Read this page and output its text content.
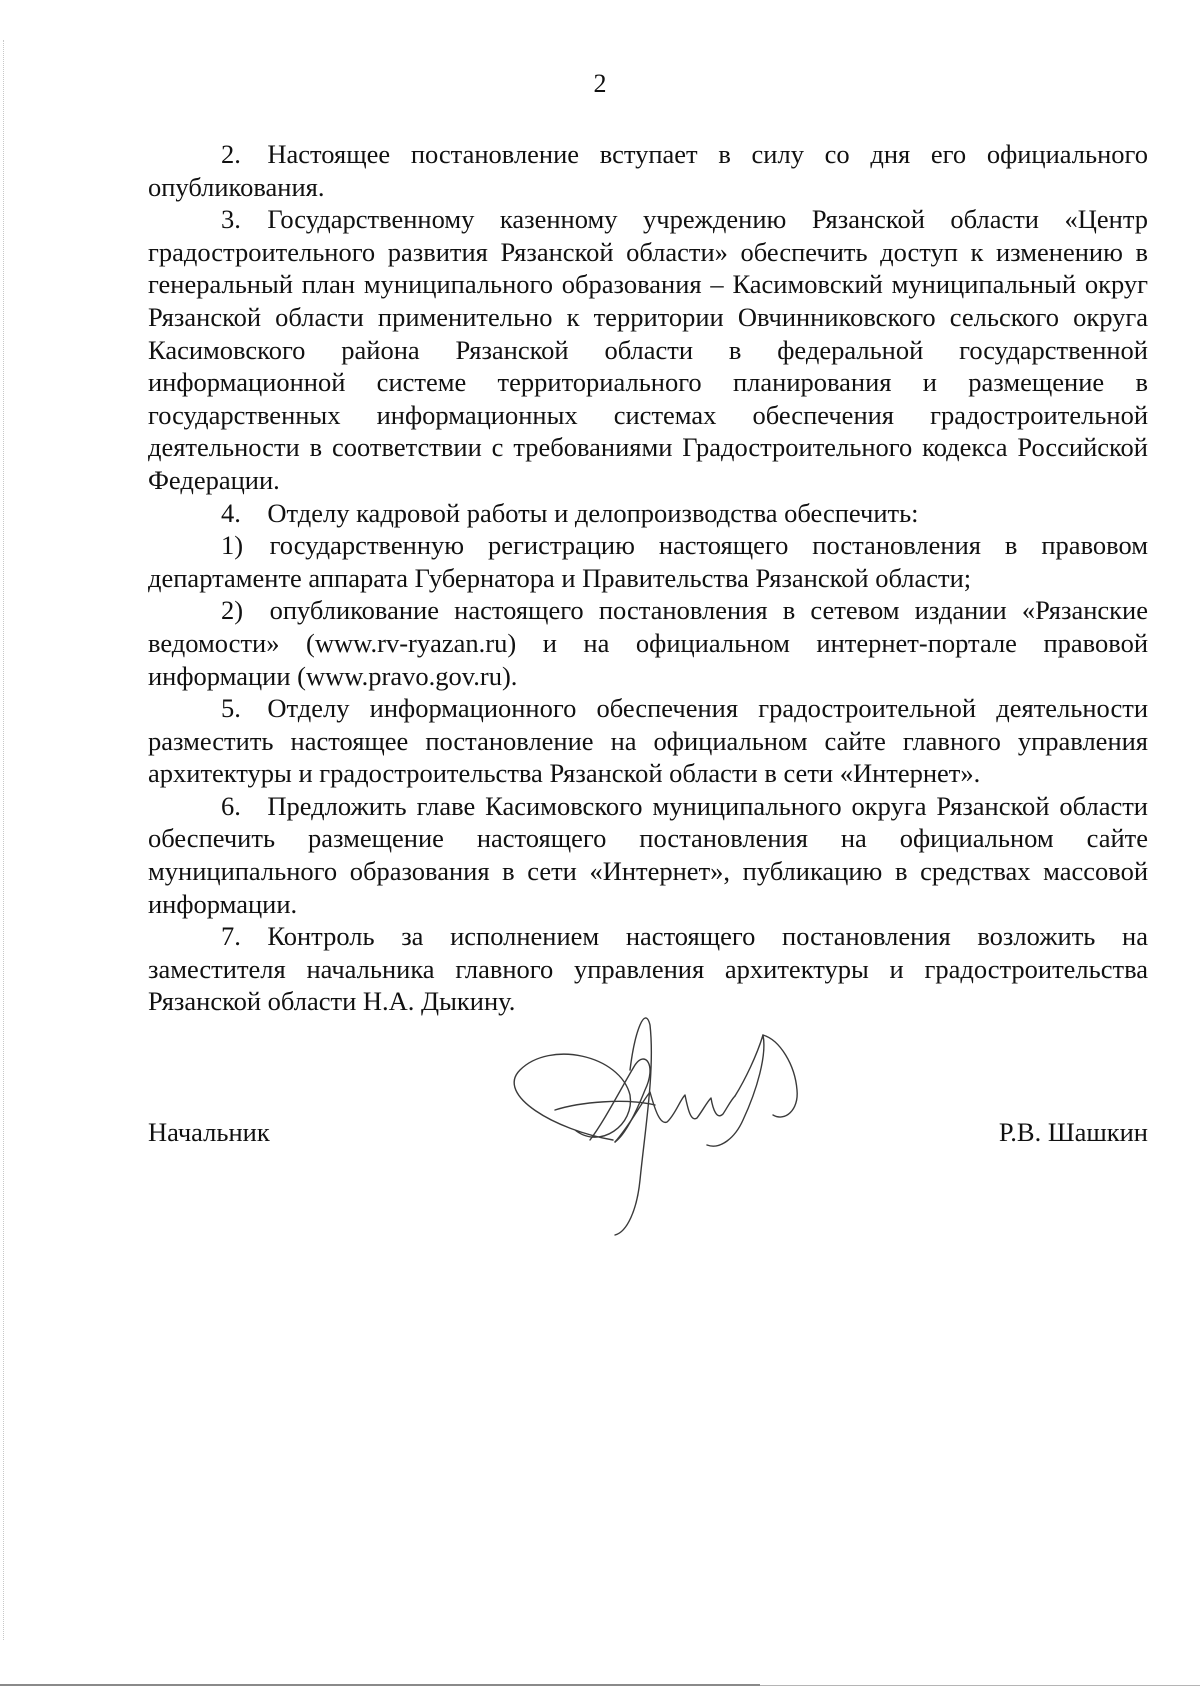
2

2. Настоящее постановление вступает в силу со дня его официального опубликования.

3. Государственному казенному учреждению Рязанской области «Центр градостроительного развития Рязанской области» обеспечить доступ к изменению в генеральный план муниципального образования – Касимовский муниципальный округ Рязанской области применительно к территории Овчинниковского сельского округа Касимовского района Рязанской области в федеральной государственной информационной системе территориального планирования и размещение в государственных информационных системах обеспечения градостроительной деятельности в соответствии с требованиями Градостроительного кодекса Российской Федерации.

4. Отделу кадровой работы и делопроизводства обеспечить:

1) государственную регистрацию настоящего постановления в правовом департаменте аппарата Губернатора и Правительства Рязанской области;

2) опубликование настоящего постановления в сетевом издании «Рязанские ведомости» (www.rv-ryazan.ru) и на официальном интернет-портале правовой информации (www.pravo.gov.ru).

5. Отделу информационного обеспечения градостроительной деятельности разместить настоящее постановление на официальном сайте главного управления архитектуры и градостроительства Рязанской области в сети «Интернет».

6. Предложить главе Касимовского муниципального округа Рязанской области обеспечить размещение настоящего постановления на официальном сайте муниципального образования в сети «Интернет», публикацию в средствах массовой информации.

7. Контроль за исполнением настоящего постановления возложить на заместителя начальника главного управления архитектуры и градостроительства Рязанской области Н.А. Дыкину.

Начальник	Р.В. Шашкин
